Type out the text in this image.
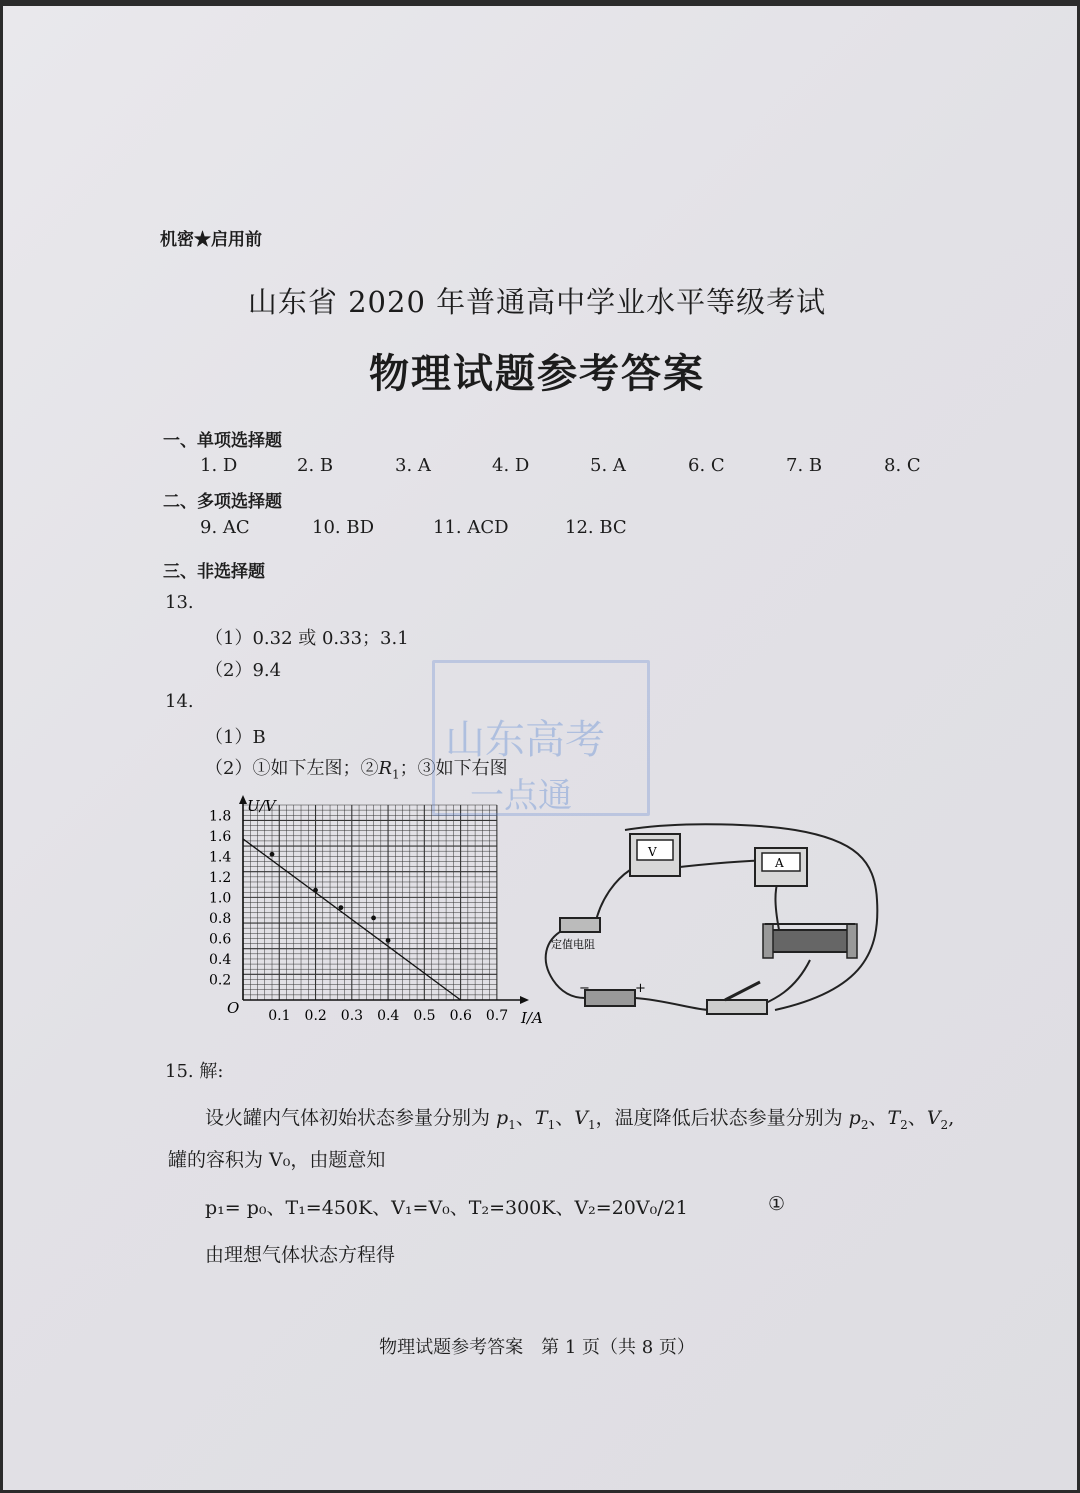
机密★启用前
山东省 2020 年普通高中学业水平等级考试
物理试题参考答案
一、单项选择题
1. D	2. B	3. A	4. D	5. A	6. C	7. B	8. C
二、多项选择题
9. AC	10. BD	11. ACD	12. BC
三、非选择题
13.
（1）0.32 或 0.33；3.1
（2）9.4
14.
（1）B
（2）①如下左图；$②R_1$；③如下右图
0.1 0.2 0.3 0.4 0.5 0.6 0.7
0.2
0.4
0.6
0.8
1.0
1.2
1.4
1.6
1.8
U/V
I/A
O
V
A
定值电阻
−	+
山东高考
一点通
15. 解:
设火罐内气体初始状态参量分别为 $p_1$、$T_1$、$V_1$，温度降低后状态参量分别为 $p_2$、$T_2$、$V_2$,
罐的容积为 V₀，由题意知
p₁= p₀、T₁=450K、V₁=V₀、T₂=300K、V₂=20V₀/21	①
由理想气体状态方程得
物理试题参考答案　第 1 页（共 8 页）
